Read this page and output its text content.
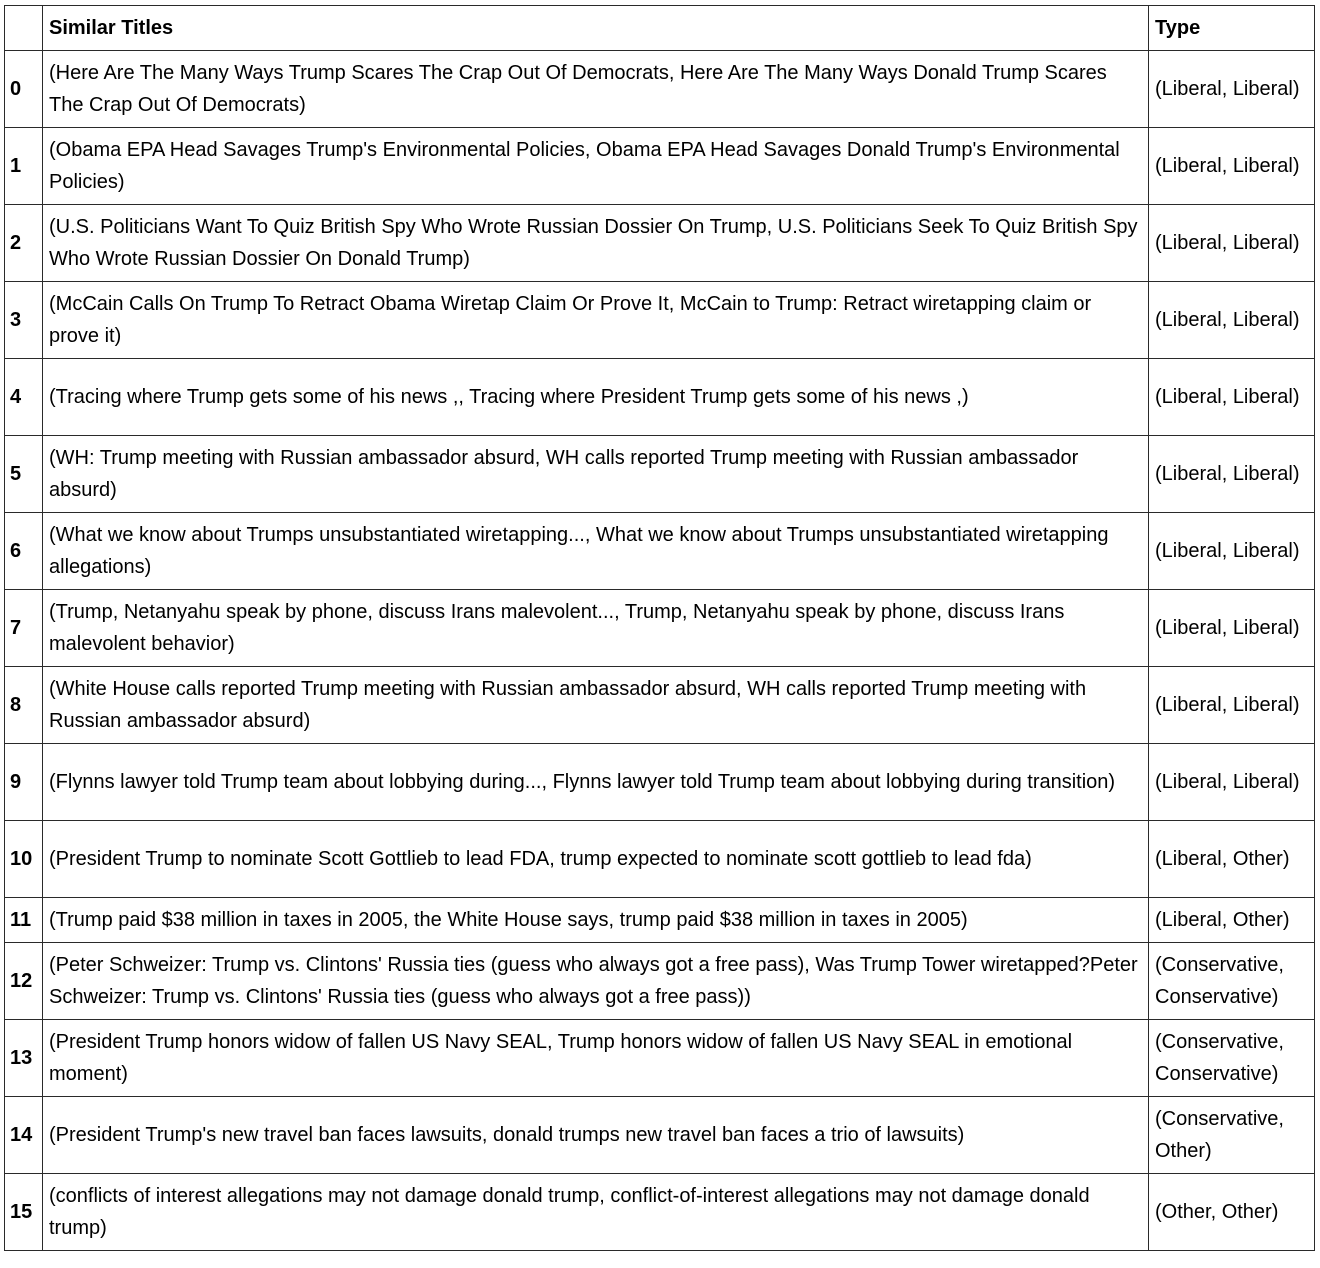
	Similar Titles	Type
0	(Here Are The Many Ways Trump Scares The Crap Out Of Democrats, Here Are The Many Ways Donald Trump Scares The Crap Out Of Democrats)	(Liberal, Liberal)
1	(Obama EPA Head Savages Trump's Environmental Policies, Obama EPA Head Savages Donald Trump's Environmental Policies)	(Liberal, Liberal)
2	(U.S. Politicians Want To Quiz British Spy Who Wrote Russian Dossier On Trump, U.S. Politicians Seek To Quiz British Spy Who Wrote Russian Dossier On Donald Trump)	(Liberal, Liberal)
3	(McCain Calls On Trump To Retract Obama Wiretap Claim Or Prove It, McCain to Trump: Retract wiretapping claim or prove it)	(Liberal, Liberal)
4	(Tracing where Trump gets some of his news ,, Tracing where President Trump gets some of his news ,)	(Liberal, Liberal)
5	(WH: Trump meeting with Russian ambassador absurd, WH calls reported Trump meeting with Russian ambassador absurd)	(Liberal, Liberal)
6	(What we know about Trumps unsubstantiated wiretapping..., What we know about Trumps unsubstantiated wiretapping allegations)	(Liberal, Liberal)
7	(Trump, Netanyahu speak by phone, discuss Irans malevolent..., Trump, Netanyahu speak by phone, discuss Irans malevolent behavior)	(Liberal, Liberal)
8	(White House calls reported Trump meeting with Russian ambassador absurd, WH calls reported Trump meeting with Russian ambassador absurd)	(Liberal, Liberal)
9	(Flynns lawyer told Trump team about lobbying during..., Flynns lawyer told Trump team about lobbying during transition)	(Liberal, Liberal)
10	(President Trump to nominate Scott Gottlieb to lead FDA, trump expected to nominate scott gottlieb to lead fda)	(Liberal, Other)
11	(Trump paid $38 million in taxes in 2005, the White House says, trump paid $38 million in taxes in 2005)	(Liberal, Other)
12	(Peter Schweizer: Trump vs. Clintons' Russia ties (guess who always got a free pass), Was Trump Tower wiretapped?Peter Schweizer: Trump vs. Clintons' Russia ties (guess who always got a free pass))	(Conservative, Conservative)
13	(President Trump honors widow of fallen US Navy SEAL, Trump honors widow of fallen US Navy SEAL in emotional moment)	(Conservative, Conservative)
14	(President Trump's new travel ban faces lawsuits, donald trumps new travel ban faces a trio of lawsuits)	(Conservative, Other)
15	(conflicts of interest allegations may not damage donald trump, conflict-of-interest allegations may not damage donald trump)	(Other, Other)
